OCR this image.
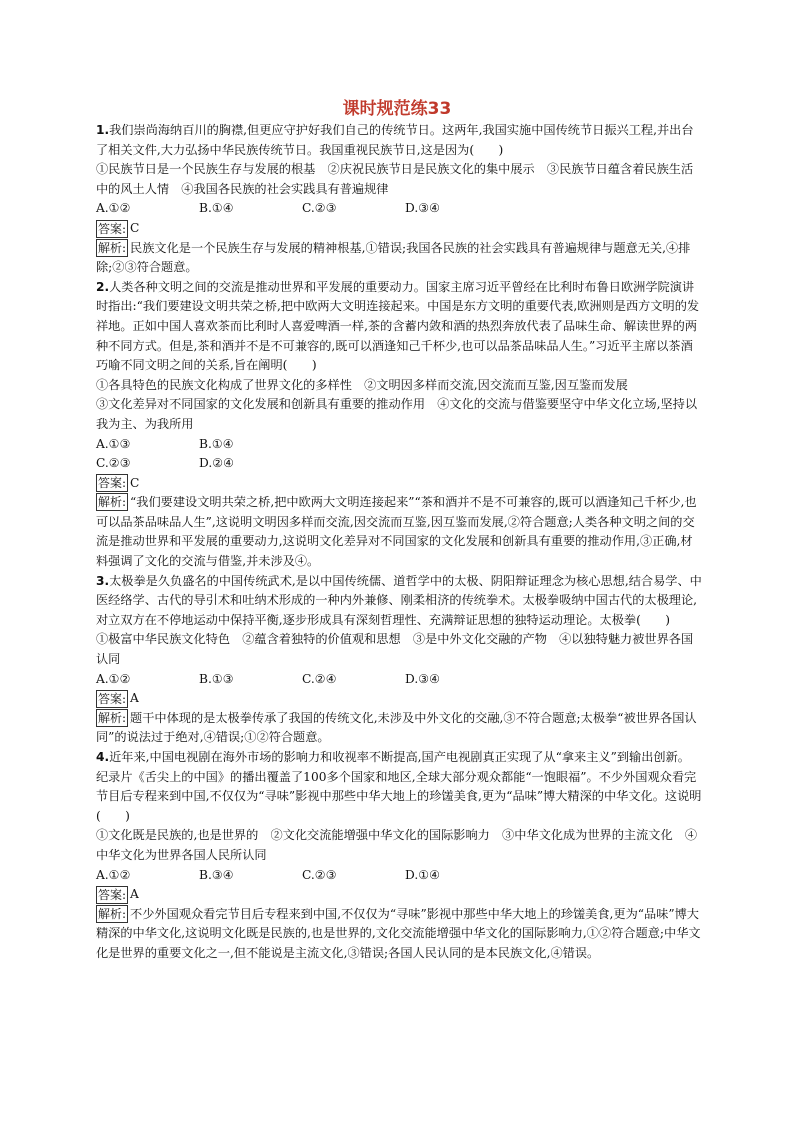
课时规范练33

1.我们崇尚海纳百川的胸襟,但更应守护好我们自己的传统节日。这两年,我国实施中国传统节日振兴工程,并出台了相关文件,大力弘扬中华民族传统节日。我国重视民族节日,这是因为(　　)

①民族节日是一个民族生存与发展的根基　②庆祝民族节日是民族文化的集中展示　③民族节日蕴含着民族生活中的风土人情　④我国各民族的社会实践具有普遍规律

A.①②	B.①④	C.②③	D.③④
答案: C

解析: 民族文化是一个民族生存与发展的精神根基,①错误;我国各民族的社会实践具有普遍规律与题意无关,④排除;②③符合题意。

2.人类各种文明之间的交流是推动世界和平发展的重要动力。国家主席习近平曾经在比利时布鲁日欧洲学院演讲时指出:“我们要建设文明共荣之桥,把中欧两大文明连接起来。中国是东方文明的重要代表,欧洲则是西方文明的发祥地。正如中国人喜欢茶而比利时人喜爱啤酒一样,茶的含蓄内敛和酒的热烈奔放代表了品味生命、解读世界的两种不同方式。但是,茶和酒并不是不可兼容的,既可以酒逢知己千杯少,也可以品茶品味品人生。”习近平主席以茶酒巧喻不同文明之间的关系,旨在阐明(　　)

①各具特色的民族文化构成了世界文化的多样性　②文明因多样而交流,因交流而互鉴,因互鉴而发展

③文化差异对不同国家的文化发展和创新具有重要的推动作用　④文化的交流与借鉴要坚守中华文化立场,坚持以我为主、为我所用

A.①③	B.①④
C.②③	D.②④
答案: C

解析: “我们要建设文明共荣之桥,把中欧两大文明连接起来”“茶和酒并不是不可兼容的,既可以酒逢知己千杯少,也可以品茶品味品人生”,这说明文明因多样而交流,因交流而互鉴,因互鉴而发展,②符合题意;人类各种文明之间的交流是推动世界和平发展的重要动力,这说明文化差异对不同国家的文化发展和创新具有重要的推动作用,③正确,材料强调了文化的交流与借鉴,并未涉及④。

3.太极拳是久负盛名的中国传统武术,是以中国传统儒、道哲学中的太极、阴阳辩证理念为核心思想,结合易学、中医经络学、古代的导引术和吐纳术形成的一种内外兼修、刚柔相济的传统拳术。太极拳吸纳中国古代的太极理论,对立双方在不停地运动中保持平衡,逐步形成具有深刻哲理性、充满辩证思想的独特运动理论。太极拳(　　)

①极富中华民族文化特色　②蕴含着独特的价值观和思想　③是中外文化交融的产物　④以独特魅力被世界各国认同

A.①②	B.①③	C.②④	D.③④
答案: A

解析: 题干中体现的是太极拳传承了我国的传统文化,未涉及中外文化的交融,③不符合题意;太极拳“被世界各国认同”的说法过于绝对,④错误;①②符合题意。

4.近年来,中国电视剧在海外市场的影响力和收视率不断提高,国产电视剧真正实现了从“拿来主义”到输出创新。纪录片《舌尖上的中国》的播出覆盖了100多个国家和地区,全球大部分观众都能“一饱眼福”。不少外国观众看完节目后专程来到中国,不仅仅为“寻味”影视中那些中华大地上的珍馐美食,更为“品味”博大精深的中华文化。这说明(　　)

①文化既是民族的,也是世界的　②文化交流能增强中华文化的国际影响力　③中华文化成为世界的主流文化　④中华文化为世界各国人民所认同

A.①②	B.③④	C.②③	D.①④
答案: A

解析: 不少外国观众看完节目后专程来到中国,不仅仅为“寻味”影视中那些中华大地上的珍馐美食,更为“品味”博大精深的中华文化,这说明文化既是民族的,也是世界的,文化交流能增强中华文化的国际影响力,①②符合题意;中华文化是世界的重要文化之一,但不能说是主流文化,③错误;各国人民认同的是本民族文化,④错误。
